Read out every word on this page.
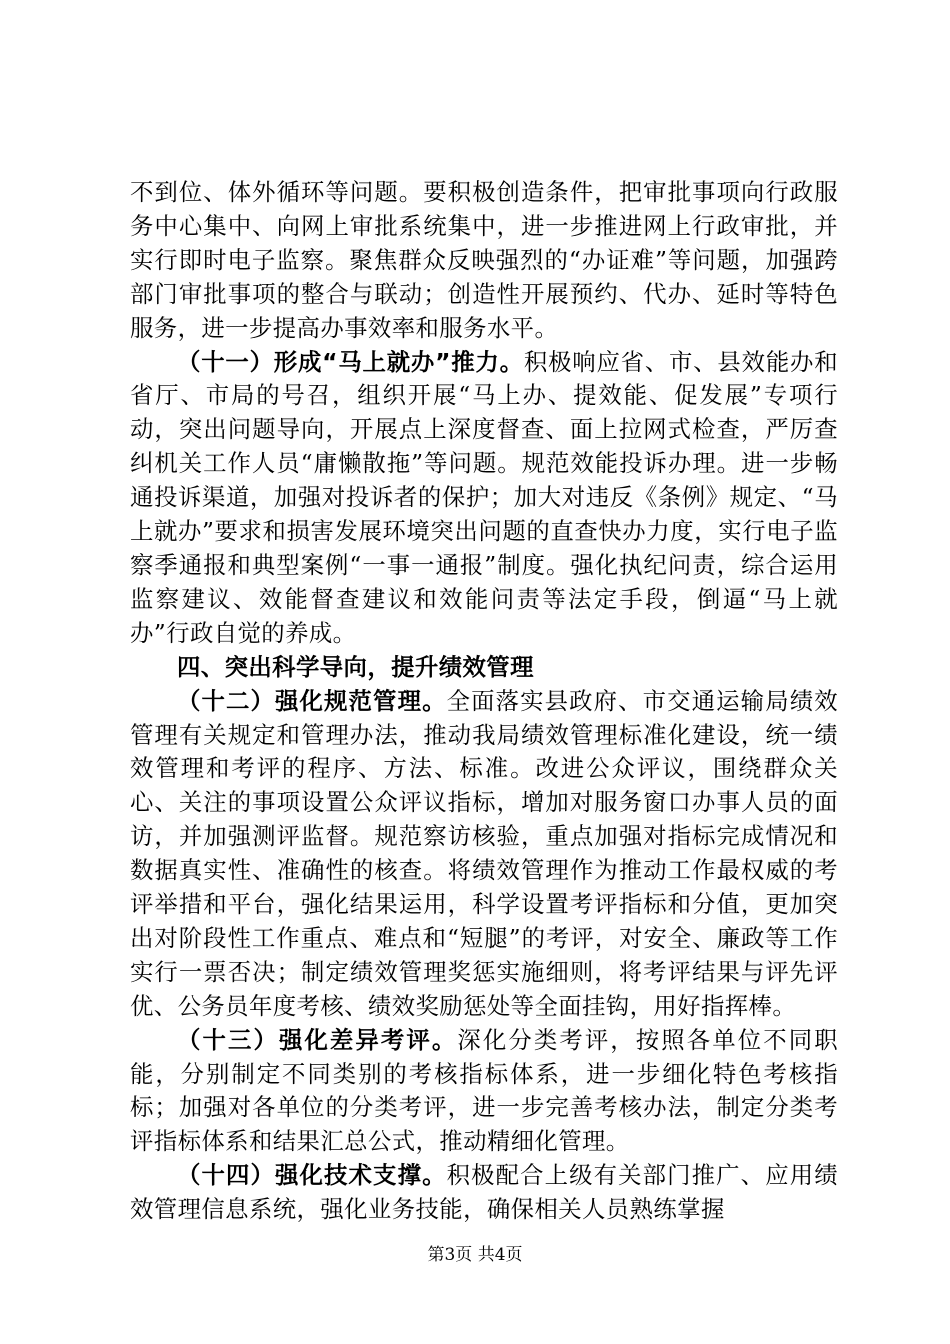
不到位、体外循环等问题。要积极创造条件，把审批事项向行政服务中心集中、向网上审批系统集中，进一步推进网上行政审批，并实行即时电子监察。聚焦群众反映强烈的“办证难”等问题，加强跨部门审批事项的整合与联动；创造性开展预约、代办、延时等特色服务，进一步提高办事效率和服务水平。

（十一）形成“马上就办”推力。积极响应省、市、县效能办和省厅、市局的号召，组织开展“马上办、提效能、促发展”专项行动，突出问题导向，开展点上深度督查、面上拉网式检查，严厉查纠机关工作人员“庸懒散拖”等问题。规范效能投诉办理。进一步畅通投诉渠道，加强对投诉者的保护；加大对违反《条例》规定、“马上就办”要求和损害发展环境突出问题的直查快办力度，实行电子监察季通报和典型案例“一事一通报”制度。强化执纪问责，综合运用监察建议、效能督查建议和效能问责等法定手段，倒逼“马上就办”行政自觉的养成。

四、突出科学导向，提升绩效管理

（十二）强化规范管理。全面落实县政府、市交通运输局绩效管理有关规定和管理办法，推动我局绩效管理标准化建设，统一绩效管理和考评的程序、方法、标准。改进公众评议，围绕群众关心、关注的事项设置公众评议指标，增加对服务窗口办事人员的面访，并加强测评监督。规范察访核验，重点加强对指标完成情况和数据真实性、准确性的核查。将绩效管理作为推动工作最权威的考评举措和平台，强化结果运用，科学设置考评指标和分值，更加突出对阶段性工作重点、难点和“短腿”的考评，对安全、廉政等工作实行一票否决；制定绩效管理奖惩实施细则，将考评结果与评先评优、公务员年度考核、绩效奖励惩处等全面挂钩，用好指挥棒。

（十三）强化差异考评。深化分类考评，按照各单位不同职能，分别制定不同类别的考核指标体系，进一步细化特色考核指标；加强对各单位的分类考评，进一步完善考核办法，制定分类考评指标体系和结果汇总公式，推动精细化管理。

（十四）强化技术支撑。积极配合上级有关部门推广、应用绩效管理信息系统，强化业务技能，确保相关人员熟练掌握

第3页 共4页
